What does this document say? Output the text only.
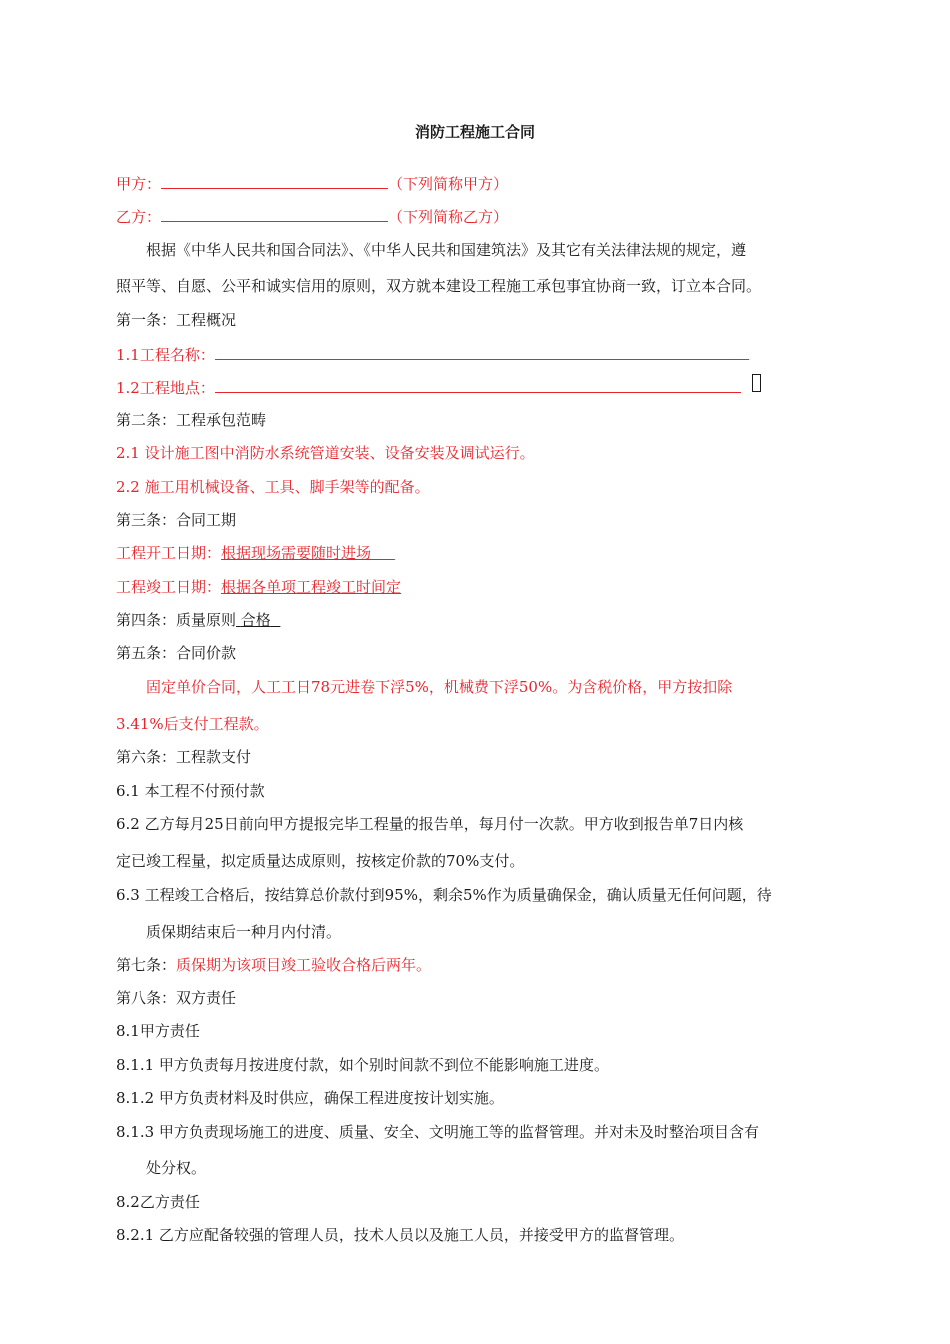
消防工程施工合同
甲方：	（下列简称甲方）
乙方：	（下列简称乙方）
根据《中华人民共和国合同法》、《中华人民共和国建筑法》及其它有关法律法规的规定，遵
照平等、自愿、公平和诚实信用的原则，双方就本建设工程施工承包事宜协商一致，订立本合同。
第一条：工程概况
1.1工程名称：
1.2工程地点：
第二条：工程承包范畴
2.1 设计施工图中消防水系统管道安装、设备安装及调试运行。
2.2 施工用机械设备、工具、脚手架等的配备。
第三条：合同工期
工程开工日期：根据现场需要随时进场
工程竣工日期：根据各单项工程竣工时间定
第四条：质量原则 合格
第五条：合同价款
固定单价合同，人工工日78元进卷下浮5%，机械费下浮50%。为含税价格，甲方按扣除
3.41%后支付工程款。
第六条：工程款支付
6.1 本工程不付预付款
6.2 乙方每月25日前向甲方提报完毕工程量的报告单，每月付一次款。甲方收到报告单7日内核
定已竣工程量，拟定质量达成原则，按核定价款的70%支付。
6.3 工程竣工合格后，按结算总价款付到95%，剩余5%作为质量确保金，确认质量无任何问题，待
质保期结束后一种月内付清。
第七条：质保期为该项目竣工验收合格后两年。
第八条：双方责任
8.1甲方责任
8.1.1 甲方负责每月按进度付款，如个别时间款不到位不能影响施工进度。
8.1.2 甲方负责材料及时供应，确保工程进度按计划实施。
8.1.3 甲方负责现场施工的进度、质量、安全、文明施工等的监督管理。并对未及时整治项目含有
处分权。
8.2乙方责任
8.2.1 乙方应配备较强的管理人员，技术人员以及施工人员，并接受甲方的监督管理。
